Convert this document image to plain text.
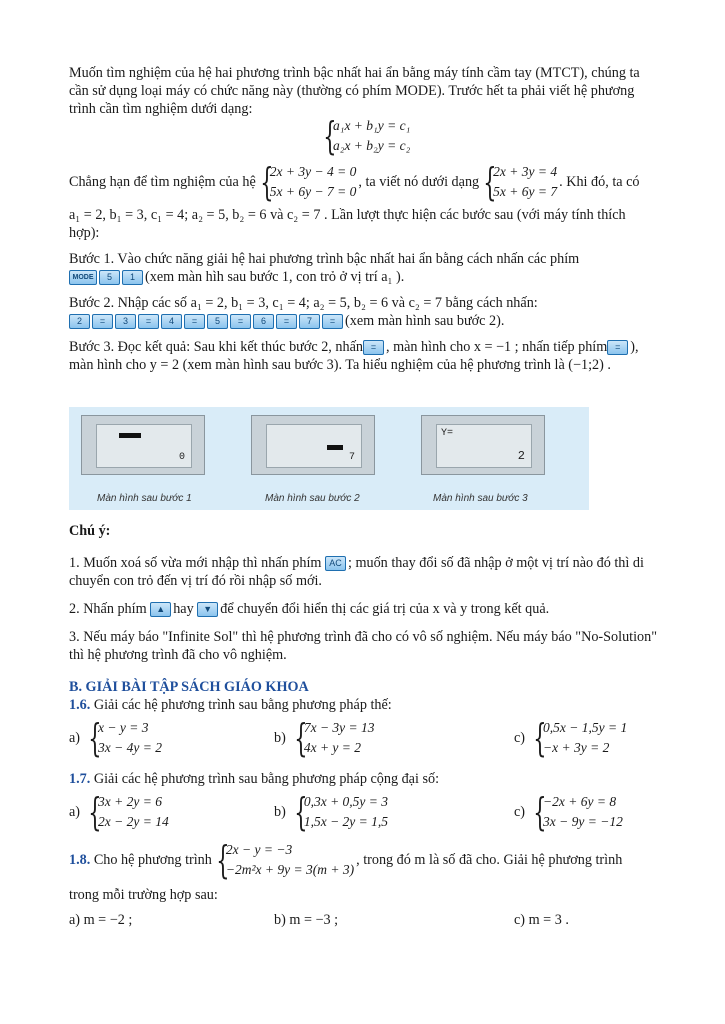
Muốn tìm nghiệm của hệ hai phương trình bậc nhất hai ẩn bằng máy tính cầm tay (MTCT), chúng ta cần sử dụng loại máy có chức năng này (thường có phím MODE). Trước hết ta phải viết hệ phương trình cần tìm nghiệm dưới dạng:

{
a₁x + b₁y = c₁
a₂x + b₂y = c₂
Chẳng hạn để tìm nghiệm của hệ {
2x + 3y − 4 = 0
5x + 6y − 7 = 0
, ta viết nó dưới dạng {
2x + 3y = 4
5x + 6y = 7
. Khi đó, ta có

a₁ = 2, b₁ = 3, c₁ = 4; a₂ = 5, b₂ = 6 và c₂ = 7 . Lần lượt thực hiện các bước sau (với máy tính thích hợp):

Bước 1. Vào chức năng giải hệ hai phương trình bậc nhất hai ẩn bằng cách nhấn các phím

MODE 5 1 (xem màn hìh sau bước 1, con trỏ ở vị trí a₁ ).

Bước 2. Nhập các số a₁ = 2, b₁ = 3, c₁ = 4; a₂ = 5, b₂ = 6 và c₂ = 7 bằng cách nhấn:

2 = 3 = 4 = 5 = 6 = 7 = (xem màn hình sau bước 2).

Bước 3. Đọc kết quả: Sau khi kết thúc bước 2, nhấn = , màn hình cho x = −1 ; nhấn tiếp phím = ),

màn hình cho y = 2 (xem màn hình sau bước 3). Ta hiểu nghiệm của hệ phương trình là (−1;2) .

0
Màn hình sau bước 1
7
Màn hình sau bước 2
Y=
2
Màn hình sau bước 3

Chú ý:

1. Muốn xoá số vừa mới nhập thì nhấn phím AC ; muốn thay đổi số đã nhập ở một vị trí nào đó thì di chuyển con trỏ đến vị trí đó rồi nhập số mới.

2. Nhấn phím ▲ hay ▼ để chuyển đổi hiển thị các giá trị của x và y trong kết quả.

3. Nếu máy báo "Infinite Sol" thì hệ phương trình đã cho có vô số nghiệm. Nếu máy báo "No-Solution" thì hệ phương trình đã cho vô nghiệm.

B. GIẢI BÀI TẬP SÁCH GIÁO KHOA

1.6. Giải các hệ phương trình sau bằng phương pháp thế:

a) {
x − y = 3
3x − 4y = 2
b) {
7x − 3y = 13
4x + y = 2
c) {
0,5x − 1,5y = 1
−x + 3y = 2

1.7. Giải các hệ phương trình sau bằng phương pháp cộng đại số:

a) {
3x + 2y = 6
2x − 2y = 14
b) {
0,3x + 0,5y = 3
1,5x − 2y = 1,5
c) {
−2x + 6y = 8
3x − 9y = −12
1.8.
Cho hệ phương trình {
2x − y = −3
−2m²x + 9y = 3(m + 3)
, trong đó m là số đã cho. Giải hệ phương trình

trong mỗi trường hợp sau:

a) m = −2 ;	b) m = −3 ;	c) m = 3 .
